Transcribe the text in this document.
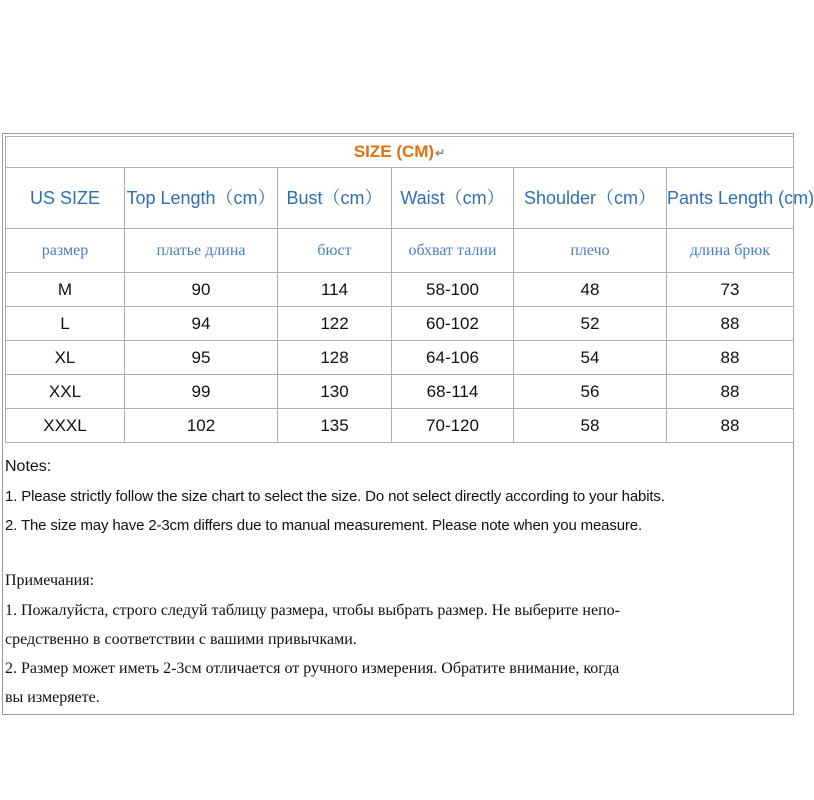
SIZE (CM)↵					
US SIZE	Top Length（cm）	Bust（cm）	Waist（cm）	Shoulder（cm）	Pants Length (cm)
размер	платье длина	бюст	обхват талии	плечо	длина брюк
M	90	114	58-100	48	73
L	94	122	60-102	52	88
XL	95	128	64-106	54	88
XXL	99	130	68-114	56	88
XXXL	102	135	70-120	58	88

Notes:

1. Please strictly follow the size chart to select the size. Do not select directly according to your habits.

2. The size may have 2-3cm differs due to manual measurement. Please note when you measure.

Примечания:

1. Пожалуйста, строго следуй таблицу размера, чтобы выбрать размер. Не выберите непо-

средственно в соответствии с вашими привычками.

2. Размер может иметь 2-3см отличается от ручного измерения. Обратите внимание, когда

вы измеряете.
